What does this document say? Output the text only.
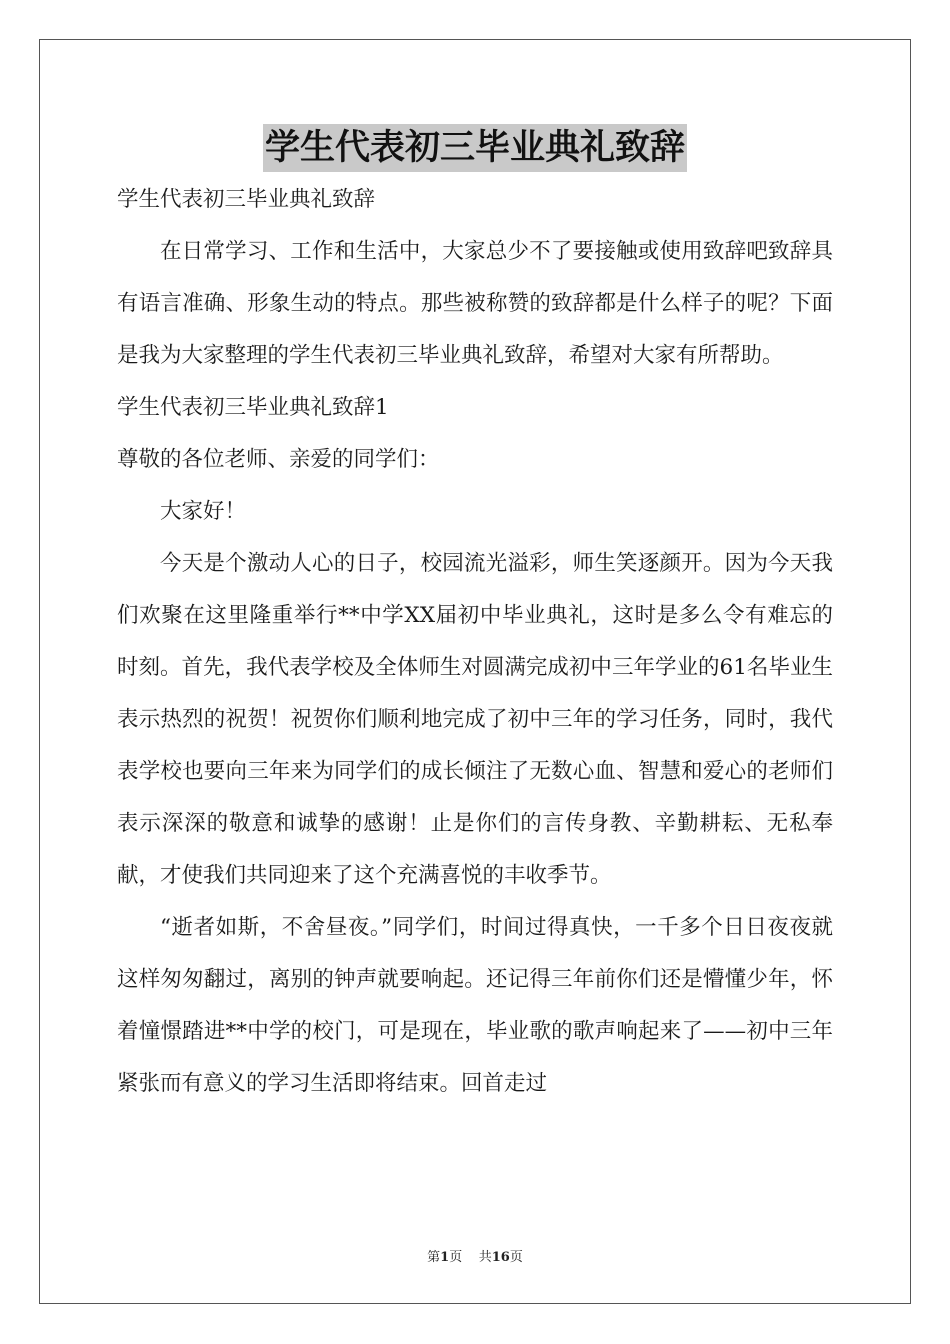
学生代表初三毕业典礼致辞

学生代表初三毕业典礼致辞

在日常学习、工作和生活中，大家总少不了要接触或使用致辞吧致辞具有语言准确、形象生动的特点。那些被称赞的致辞都是什么样子的呢？下面是我为大家整理的学生代表初三毕业典礼致辞，希望对大家有所帮助。

学生代表初三毕业典礼致辞1

尊敬的各位老师、亲爱的同学们：

大家好！

今天是个激动人心的日子，校园流光溢彩，师生笑逐颜开。因为今天我们欢聚在这里隆重举行**中学XX届初中毕业典礼，这时是多么令有难忘的时刻。首先，我代表学校及全体师生对圆满完成初中三年学业的61名毕业生表示热烈的祝贺！祝贺你们顺利地完成了初中三年的学习任务，同时，我代表学校也要向三年来为同学们的成长倾注了无数心血、智慧和爱心的老师们表示深深的敬意和诚挚的感谢！止是你们的言传身教、辛勤耕耘、无私奉献，才使我们共同迎来了这个充满喜悦的丰收季节。

“逝者如斯，不舍昼夜。”同学们，时间过得真快，一千多个日日夜夜就这样匆匆翻过，离别的钟声就要响起。还记得三年前你们还是懵懂少年，怀着憧憬踏进**中学的校门，可是现在，毕业歌的歌声响起来了——初中三年紧张而有意义的学习生活即将结束。回首走过

第1页 共16页
